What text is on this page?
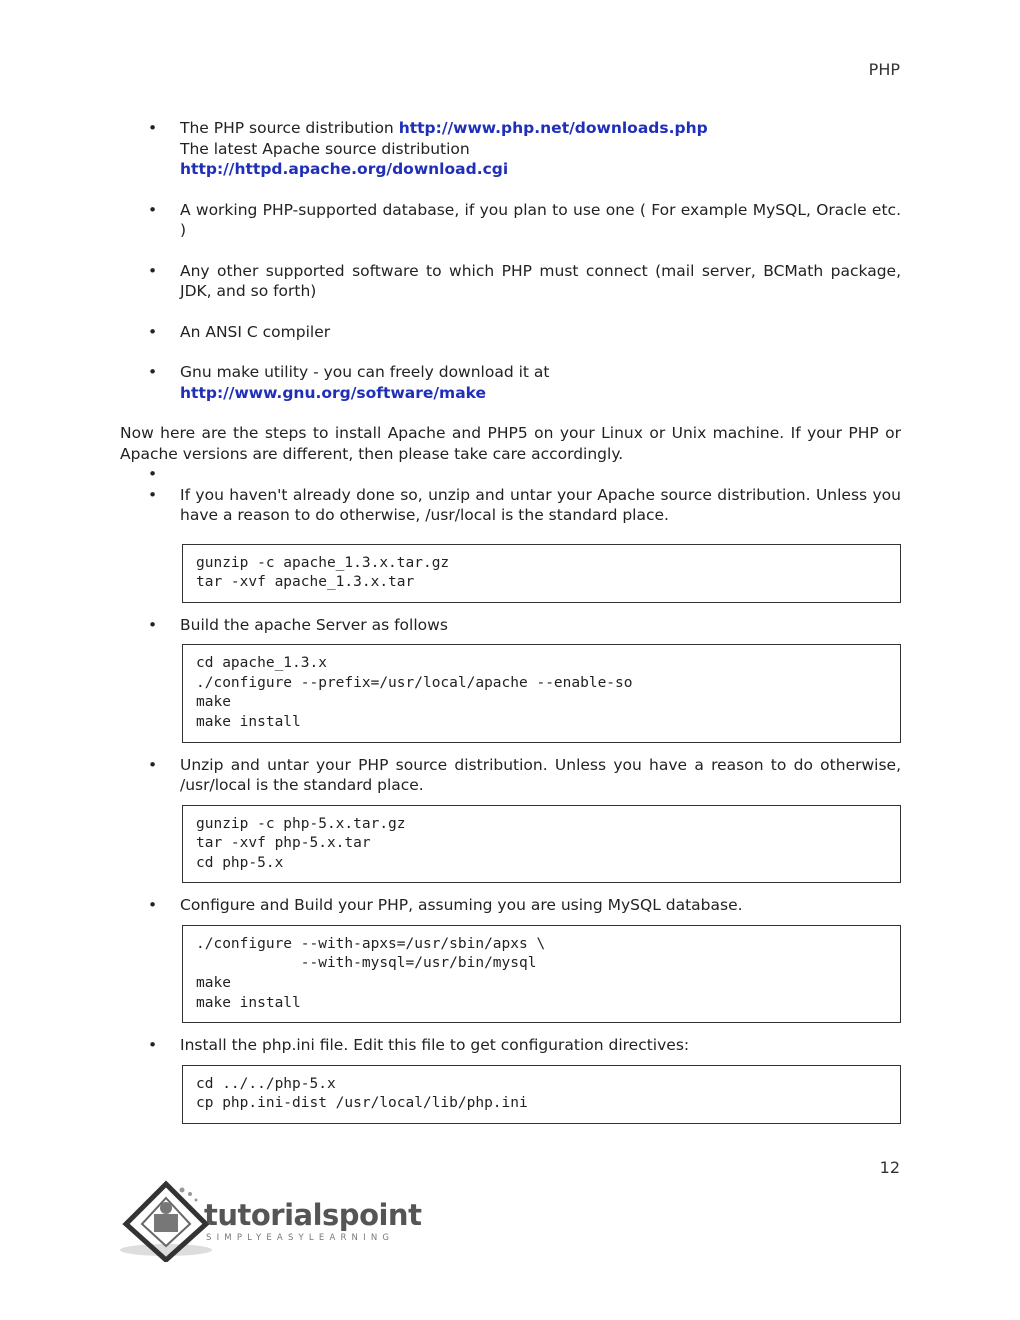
PHP
• The PHP source distribution http://www.php.net/downloads.php
The latest Apache source distribution
http://httpd.apache.org/download.cgi
• A working PHP-supported database, if you plan to use one ( For example MySQL, Oracle etc. )
• Any other supported software to which PHP must connect (mail server, BCMath package, JDK, and so forth)
• An ANSI C compiler
• Gnu make utility - you can freely download it at
http://www.gnu.org/software/make
Now here are the steps to install Apache and PHP5 on your Linux or Unix machine. If your PHP or Apache versions are different, then please take care accordingly.
•
• If you haven't already done so, unzip and untar your Apache source distribution. Unless you have a reason to do otherwise, /usr/local is the standard place.
gunzip -c apache_1.3.x.tar.gz
tar -xvf apache_1.3.x.tar
• Build the apache Server as follows
cd apache_1.3.x
./configure --prefix=/usr/local/apache --enable-so
make
make install
• Unzip and untar your PHP source distribution. Unless you have a reason to do otherwise, /usr/local is the standard place.
gunzip -c php-5.x.tar.gz
tar -xvf php-5.x.tar
cd php-5.x
• Configure and Build your PHP, assuming you are using MySQL database.
./configure --with-apxs=/usr/sbin/apxs \
--with-mysql=/usr/bin/mysql
make
make install
• Install the php.ini file. Edit this file to get configuration directives:
cd ../../php-5.x
cp php.ini-dist /usr/local/lib/php.ini
12
tutorialspoint
SIMPLYEASYLEARNING
